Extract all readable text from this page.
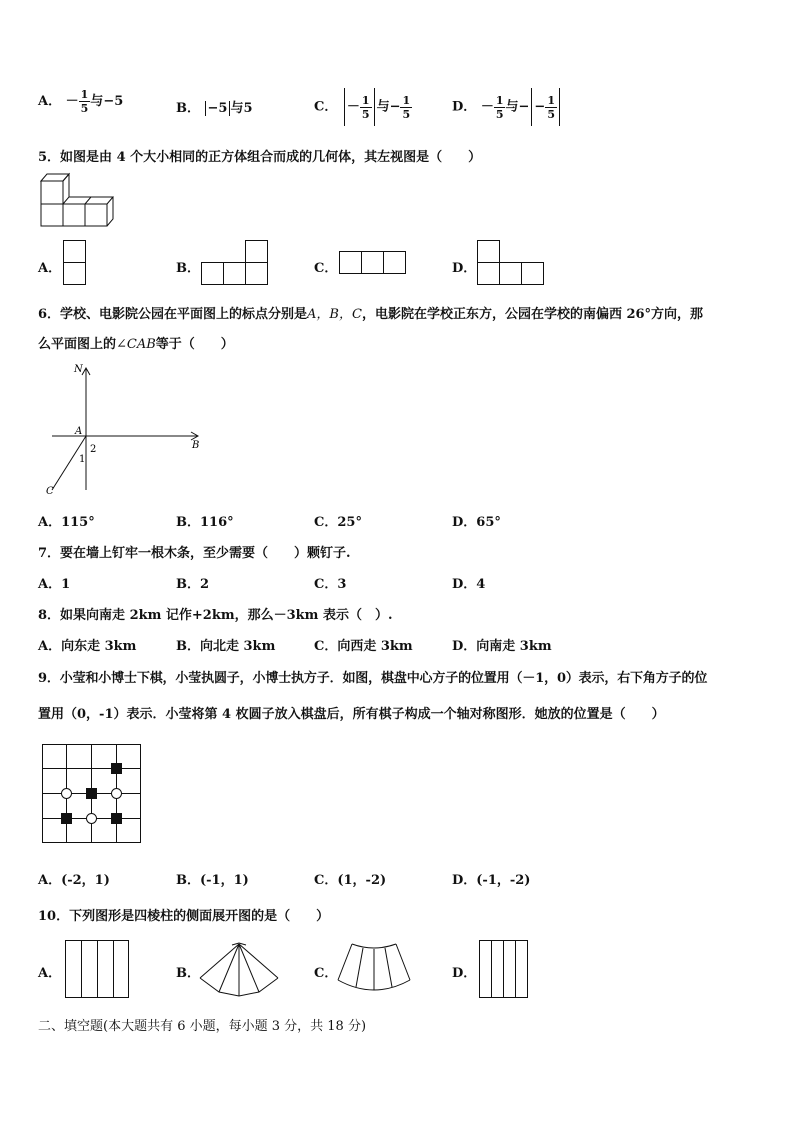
A． － $\frac{1}{5}$ 与−5	B． −5 与5	C． － $\frac{1}{5}$ 与− $\frac{1}{5}$	D． － $\frac{1}{5}$ 与− − $\frac{1}{5}$
5．如图是由 4 个大小相同的正方体组合而成的几何体，其左视图是（　　）
A．	B．	C．	D．
6．学校、电影院公园在平面图上的标点分别是A，B，C，电影院在学校正东方，公园在学校的南偏西 26°方向，那
么平面图上的∠CAB等于（　　）
N
A
B
C
1
2
A．115°	B．116°	C．25°	D．65°
7．要在墙上钉牢一根木条，至少需要（　　）颗钉子.
A．1	B．2	C．3	D．4
8．如果向南走 2km 记作+2km，那么－3km 表示（　）.
A．向东走 3km	B．向北走 3km	C．向西走 3km	D．向南走 3km
9．小莹和小博士下棋，小莹执圆子，小博士执方子．如图，棋盘中心方子的位置用（－1，0）表示，右下角方子的位
置用（0，-1）表示．小莹将第 4 枚圆子放入棋盘后，所有棋子构成一个轴对称图形．她放的位置是（　　）
A．(-2，1)	B．(-1，1)	C．(1，-2)	D．(-1，-2)
10．下列图形是四棱柱的侧面展开图的是（　　）
A．	B．	C．	D．
二、填空题(本大题共有 6 小题，每小题 3 分，共 18 分)
